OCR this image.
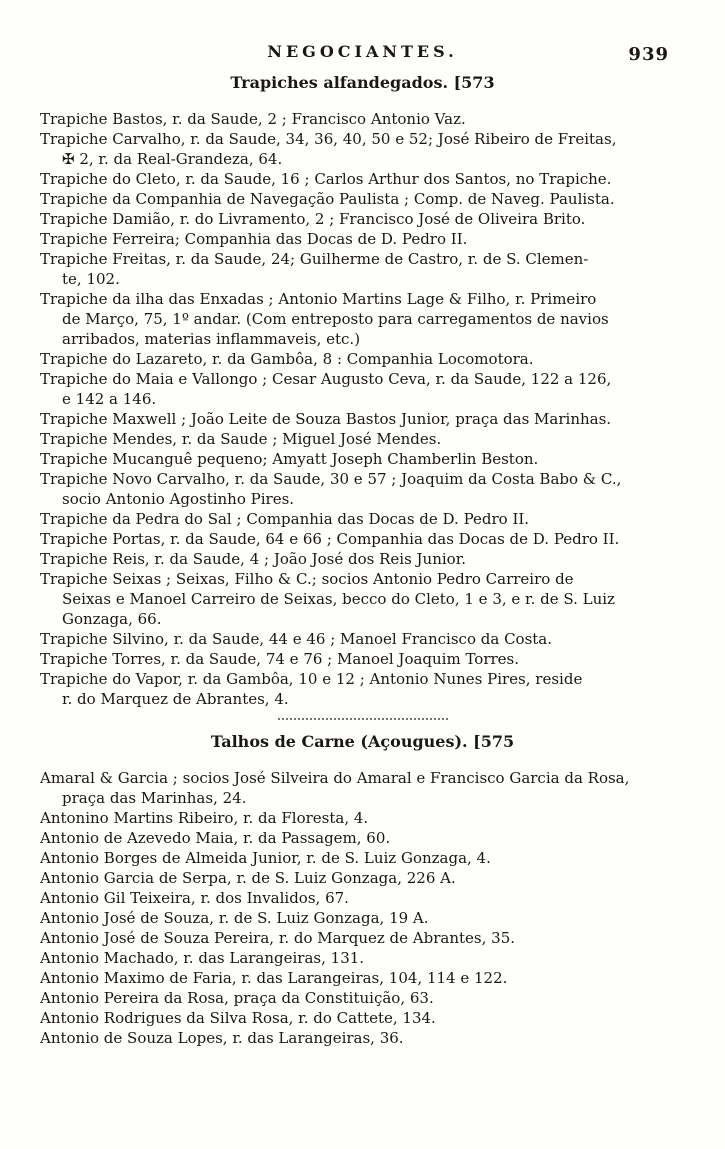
NEGOCIANTES.	939
Trapiches alfandegados. [573

Trapiche Bastos, r. da Saude, 2 ; Francisco Antonio Vaz.

Trapiche Carvalho, r. da Saude, 34, 36, 40, 50 e 52; José Ribeiro de Freitas,
✠ 2, r. da Real-Grandeza, 64.

Trapiche do Cleto, r. da Saude, 16 ; Carlos Arthur dos Santos, no Trapiche.

Trapiche da Companhia de Navegação Paulista ; Comp. de Naveg. Paulista.

Trapiche Damião, r. do Livramento, 2 ; Francisco José de Oliveira Brito.

Trapiche Ferreira; Companhia das Docas de D. Pedro II.

Trapiche Freitas, r. da Saude, 24; Guilherme de Castro, r. de S. Clemen-
te, 102.

Trapiche da ilha das Enxadas ; Antonio Martins Lage & Filho, r. Primeiro
de Março, 75, 1º andar. (Com entreposto para carregamentos de navios
arribados, materias inflammaveis, etc.)

Trapiche do Lazareto, r. da Gambôa, 8 : Companhia Locomotora.

Trapiche do Maia e Vallongo ; Cesar Augusto Ceva, r. da Saude, 122 a 126,
e 142 a 146.

Trapiche Maxwell ; João Leite de Souza Bastos Junior, praça das Marinhas.

Trapiche Mendes, r. da Saude ; Miguel José Mendes.

Trapiche Mucanguê pequeno; Amyatt Joseph Chamberlin Beston.

Trapiche Novo Carvalho, r. da Saude, 30 e 57 ; Joaquim da Costa Babo & C.,
socio Antonio Agostinho Pires.

Trapiche da Pedra do Sal ; Companhia das Docas de D. Pedro II.

Trapiche Portas, r. da Saude, 64 e 66 ; Companhia das Docas de D. Pedro II.

Trapiche Reis, r. da Saude, 4 ; João José dos Reis Junior.

Trapiche Seixas ; Seixas, Filho & C.; socios Antonio Pedro Carreiro de
Seixas e Manoel Carreiro de Seixas, becco do Cleto, 1 e 3, e r. de S. Luiz
Gonzaga, 66.

Trapiche Silvino, r. da Saude, 44 e 46 ; Manoel Francisco da Costa.

Trapiche Torres, r. da Saude, 74 e 76 ; Manoel Joaquim Torres.

Trapiche do Vapor, r. da Gambôa, 10 e 12 ; Antonio Nunes Pires, reside
r. do Marquez de Abrantes, 4.

Talhos de Carne (Açougues). [575

Amaral & Garcia ; socios José Silveira do Amaral e Francisco Garcia da Rosa,
praça das Marinhas, 24.

Antonino Martins Ribeiro, r. da Floresta, 4.

Antonio de Azevedo Maia, r. da Passagem, 60.

Antonio Borges de Almeida Junior, r. de S. Luiz Gonzaga, 4.

Antonio Garcia de Serpa, r. de S. Luiz Gonzaga, 226 A.

Antonio Gil Teixeira, r. dos Invalidos, 67.

Antonio José de Souza, r. de S. Luiz Gonzaga, 19 A.

Antonio José de Souza Pereira, r. do Marquez de Abrantes, 35.

Antonio Machado, r. das Larangeiras, 131.

Antonio Maximo de Faria, r. das Larangeiras, 104, 114 e 122.

Antonio Pereira da Rosa, praça da Constituição, 63.

Antonio Rodrigues da Silva Rosa, r. do Cattete, 134.

Antonio de Souza Lopes, r. das Larangeiras, 36.
